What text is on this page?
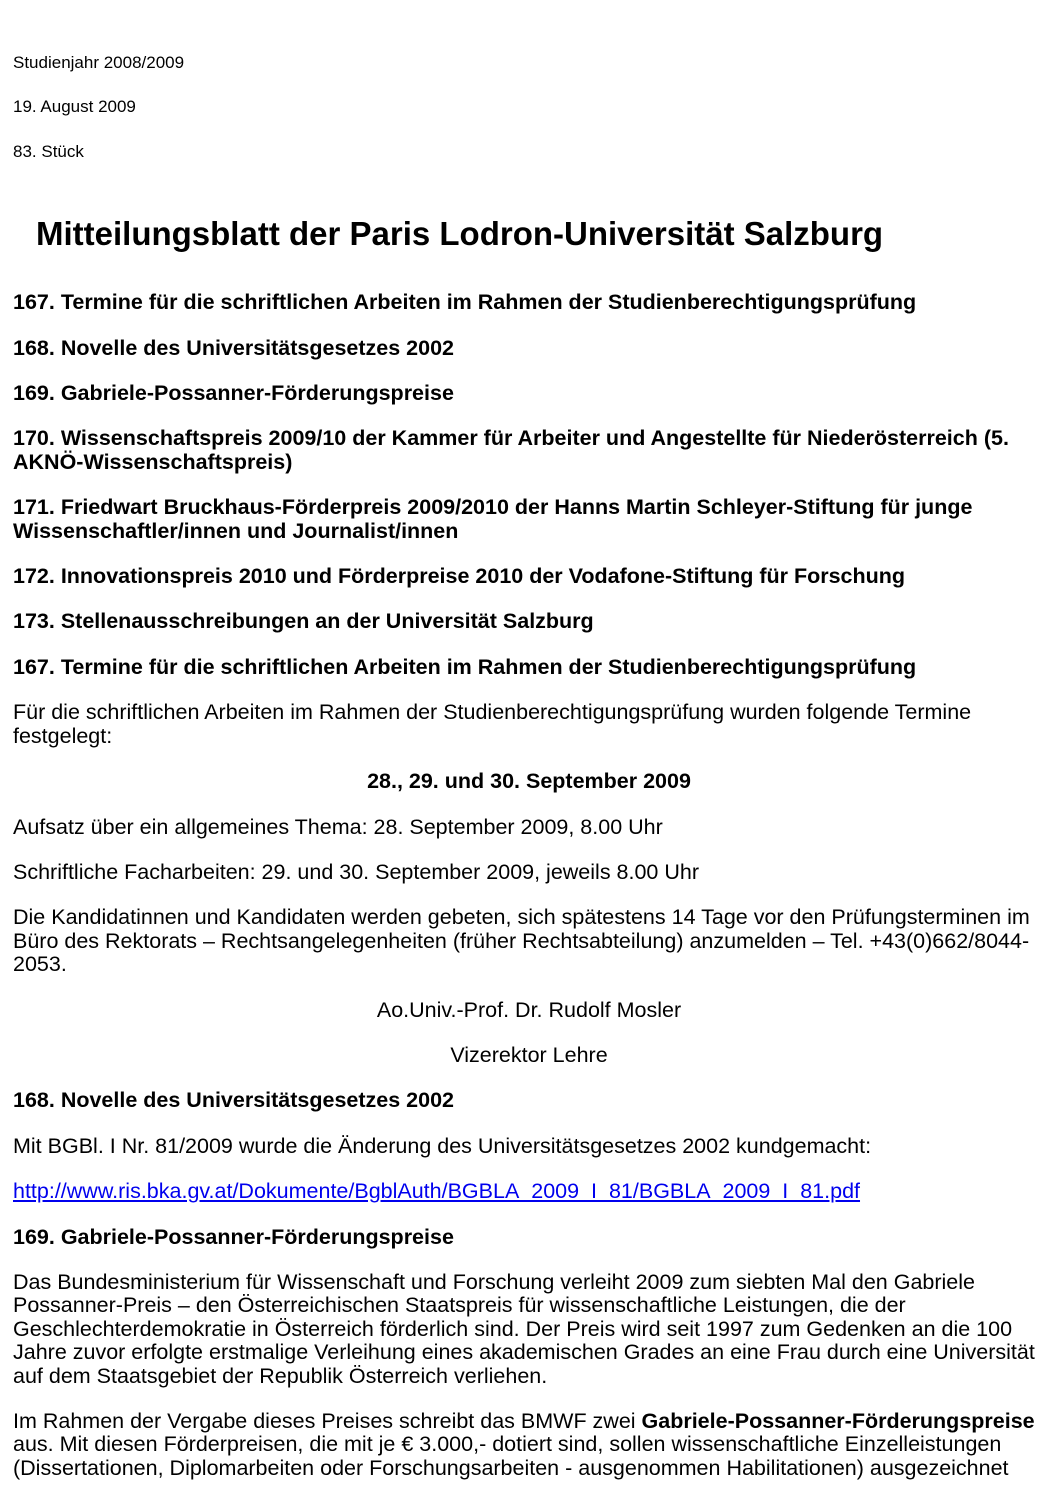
Studienjahr 2008/2009

19. August 2009

83. Stück

Mitteilungsblatt der Paris Lodron-Universität Salzburg

167. Termine für die schriftlichen Arbeiten im Rahmen der Studienberechtigungsprüfung

168. Novelle des Universitätsgesetzes 2002

169. Gabriele-Possanner-Förderungspreise

170. Wissenschaftspreis 2009/10 der Kammer für Arbeiter und Angestellte für Niederösterreich (5. AKNÖ-Wissenschaftspreis)

171. Friedwart Bruckhaus-Förderpreis 2009/2010 der Hanns Martin Schleyer-Stiftung für junge Wissenschaftler/innen und Journalist/innen

172. Innovationspreis 2010 und Förderpreise 2010 der Vodafone-Stiftung für Forschung

173. Stellenausschreibungen an der Universität Salzburg

167. Termine für die schriftlichen Arbeiten im Rahmen der Studienberechtigungsprüfung

Für die schriftlichen Arbeiten im Rahmen der Studienberechtigungsprüfung wurden folgende Termine festgelegt:

28., 29. und 30. September 2009

Aufsatz über ein allgemeines Thema: 28. September 2009, 8.00 Uhr

Schriftliche Facharbeiten: 29. und 30. September 2009, jeweils 8.00 Uhr

Die Kandidatinnen und Kandidaten werden gebeten, sich spätestens 14 Tage vor den Prüfungsterminen im Büro des Rektorats – Rechtsangelegenheiten (früher Rechtsabteilung) anzumelden – Tel. +43(0)662/8044-2053.

Ao.Univ.-Prof. Dr. Rudolf Mosler

Vizerektor Lehre

168. Novelle des Universitätsgesetzes 2002

Mit BGBl. I Nr. 81/2009 wurde die Änderung des Universitätsgesetzes 2002 kundgemacht:

http://www.ris.bka.gv.at/Dokumente/BgblAuth/BGBLA_2009_I_81/BGBLA_2009_I_81.pdf

169. Gabriele-Possanner-Förderungspreise

Das Bundesministerium für Wissenschaft und Forschung verleiht 2009 zum siebten Mal den Gabriele Possanner-Preis – den Österreichischen Staatspreis für wissenschaftliche Leistungen, die der Geschlechterdemokratie in Österreich förderlich sind. Der Preis wird seit 1997 zum Gedenken an die 100 Jahre zuvor erfolgte erstmalige Verleihung eines akademischen Grades an eine Frau durch eine Universität auf dem Staatsgebiet der Republik Österreich verliehen.

Im Rahmen der Vergabe dieses Preises schreibt das BMWF zwei Gabriele-Possanner-Förderungspreise aus. Mit diesen Förderpreisen, die mit je € 3.000,- dotiert sind, sollen wissenschaftliche Einzelleistungen (Dissertationen, Diplomarbeiten oder Forschungsarbeiten - ausgenommen Habilitationen) ausgezeichnet
